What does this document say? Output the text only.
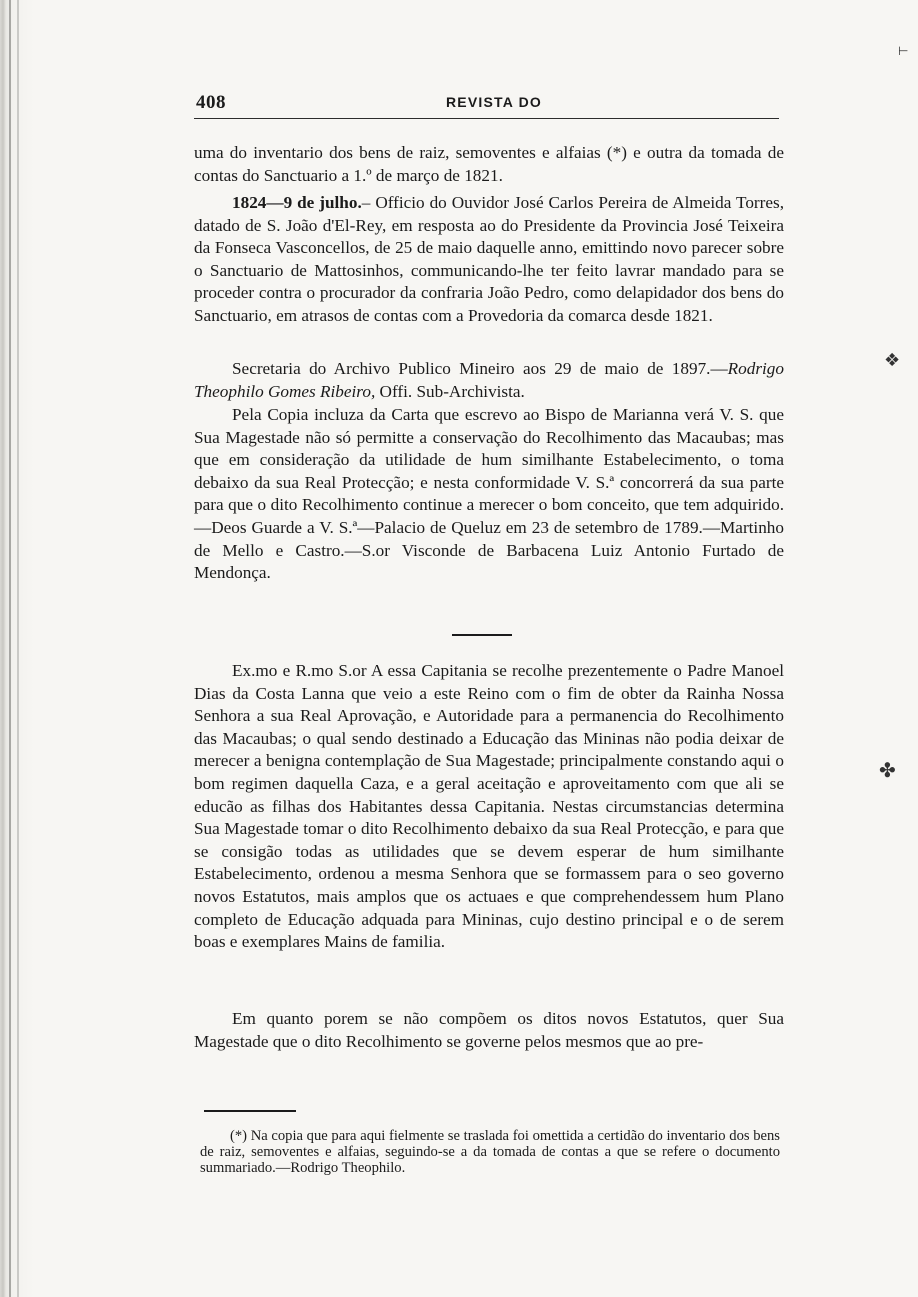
408	REVISTA DO

uma do inventario dos bens de raiz, semoventes e alfaias (*) e outra da tomada de contas do Sanctuario a 1.º de março de 1821.

1824—9 de julho.– Officio do Ouvidor José Carlos Pereira de Almeida Torres, datado de S. João d'El-Rey, em resposta ao do Presidente da Provincia José Teixeira da Fonseca Vasconcellos, de 25 de maio daquelle anno, emittindo novo parecer sobre o Sanctuario de Mattosinhos, communicando-lhe ter feito lavrar mandado para se proceder contra o procurador da confraria João Pedro, como delapidador dos bens do Sanctuario, em atrasos de contas com a Provedoria da comarca desde 1821.

Secretaria do Archivo Publico Mineiro aos 29 de maio de 1897.—Rodrigo Theophilo Gomes Ribeiro, Offi. Sub-Archivista.

Pela Copia incluza da Carta que escrevo ao Bispo de Marianna verá V. S. que Sua Magestade não só permitte a conservação do Recolhimento das Macaubas; mas que em consideração da utilidade de hum similhante Estabelecimento, o toma debaixo da sua Real Protecção; e nesta conformidade V. S.ª concorrerá da sua parte para que o dito Recolhimento continue a merecer o bom conceito, que tem adquirido.—Deos Guarde a V. S.ª—Palacio de Queluz em 23 de setembro de 1789.—Martinho de Mello e Castro.—S.or Visconde de Barbacena Luiz Antonio Furtado de Mendonça.

Ex.mo e R.mo S.or A essa Capitania se recolhe prezentemente o Padre Manoel Dias da Costa Lanna que veio a este Reino com o fim de obter da Rainha Nossa Senhora a sua Real Aprovação, e Autoridade para a permanencia do Recolhimento das Macaubas; o qual sendo destinado a Educação das Mininas não podia deixar de merecer a benigna contemplação de Sua Magestade; principalmente constando aqui o bom regimen daquella Caza, e a geral aceitação e aproveitamento com que ali se educão as filhas dos Habitantes dessa Capitania. Nestas circumstancias determina Sua Magestade tomar o dito Recolhimento debaixo da sua Real Protecção, e para que se consigão todas as utilidades que se devem esperar de hum similhante Estabelecimento, ordenou a mesma Senhora que se formassem para o seo governo novos Estatutos, mais amplos que os actuaes e que comprehendessem hum Plano completo de Educação adquada para Mininas, cujo destino principal e o de serem boas e exemplares Mains de familia.

Em quanto porem se não compõem os ditos novos Estatutos, quer Sua Magestade que o dito Recolhimento se governe pelos mesmos que ao pre-

(*) Na copia que para aqui fielmente se traslada foi omettida a certidão do inventario dos bens de raiz, semoventes e alfaias, seguindo-se a da tomada de contas a que se refere o documento summariado.—Rodrigo Theophilo.
⊢
❖
✤
